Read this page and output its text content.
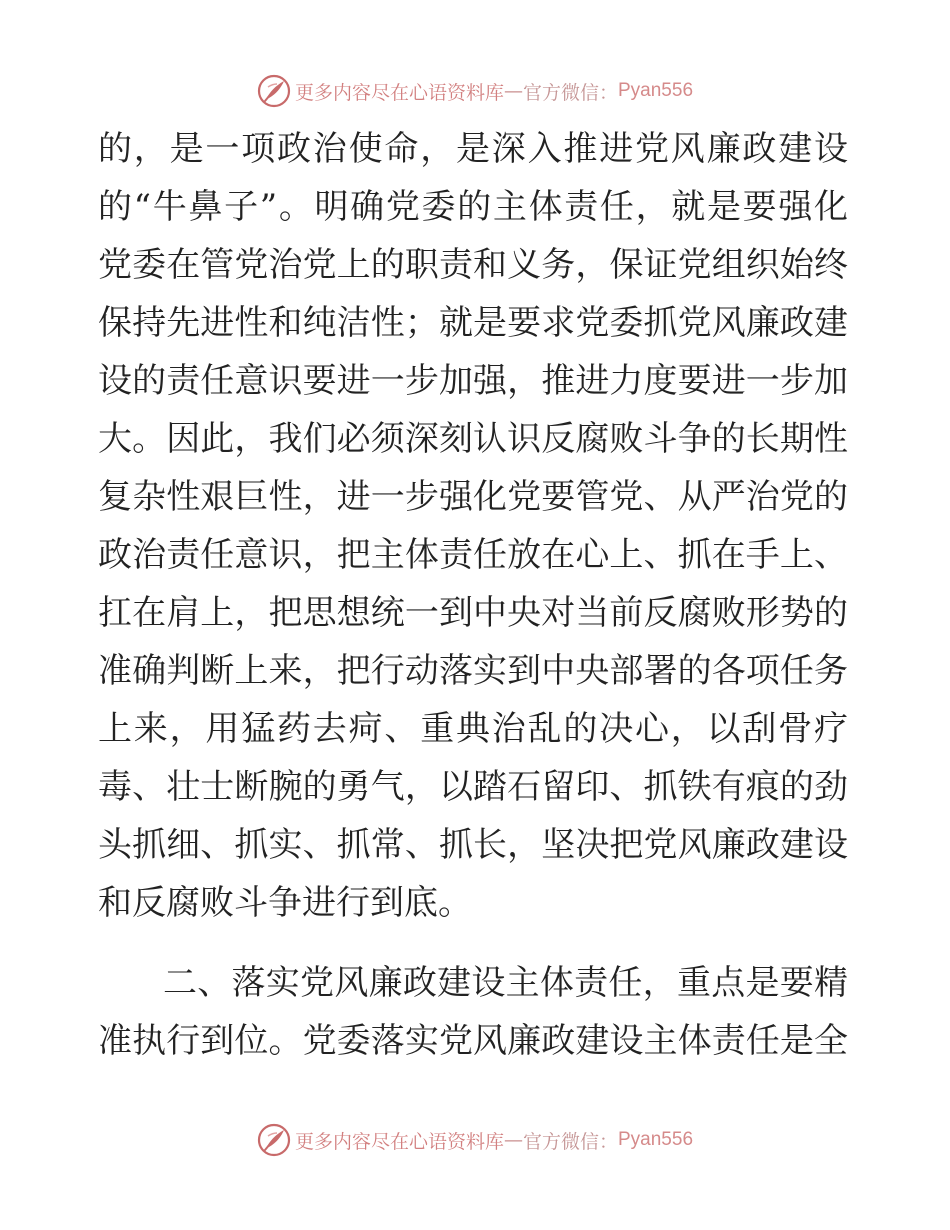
更多内容尽在心语资料库 — 官方微信： Pyan556
的，是一项政治使命，是深入推进党风廉政建设
的“牛鼻子”。明确党委的主体责任，就是要强化
党委在管党治党上的职责和义务，保证党组织始终
保持先进性和纯洁性；就是要求党委抓党风廉政建
设的责任意识要进一步加强，推进力度要进一步加
大。因此，我们必须深刻认识反腐败斗争的长期性
复杂性艰巨性，进一步强化党要管党、从严治党的
政治责任意识，把主体责任放在心上、抓在手上、
扛在肩上，把思想统一到中央对当前反腐败形势的
准确判断上来，把行动落实到中央部署的各项任务
上来，用猛药去疴、重典治乱的决心，以刮骨疗
毒、壮士断腕的勇气，以踏石留印、抓铁有痕的劲
头抓细、抓实、抓常、抓长，坚决把党风廉政建设
和反腐败斗争进行到底。
二、落实党风廉政建设主体责任，重点是要精
准执行到位。党委落实党风廉政建设主体责任是全
更多内容尽在心语资料库 — 官方微信： Pyan556
